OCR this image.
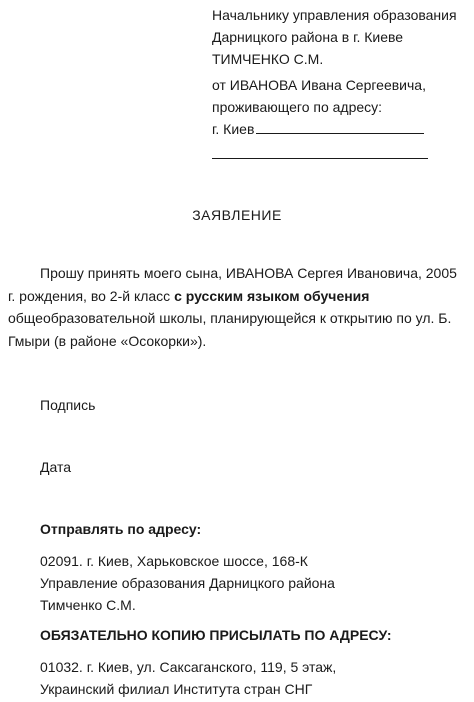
Начальнику управления образования
Дарницкого района в г. Киеве
ТИМЧЕНКО С.М.
от ИВАНОВА Ивана Сергеевича,
проживающего по адресу:
г. Киев
ЗАЯВЛЕНИЕ
Прошу принять моего сына, ИВАНОВА Сергея Ивановича, 2005 г. рождения, во 2-й класс с русским языком обучения общеобразовательной школы, планирующейся к открытию по ул. Б. Гмыри (в районе «Осокорки»).
Подпись
Дата
Отправлять по адресу:
02091. г. Киев, Харьковское шоссе, 168-К
Управление образования Дарницкого района
Тимченко С.М.
ОБЯЗАТЕЛЬНО КОПИЮ ПРИСЫЛАТЬ ПО АДРЕСУ:
01032. г. Киев, ул. Саксаганского, 119, 5 этаж,
Украинский филиал Института стран СНГ
